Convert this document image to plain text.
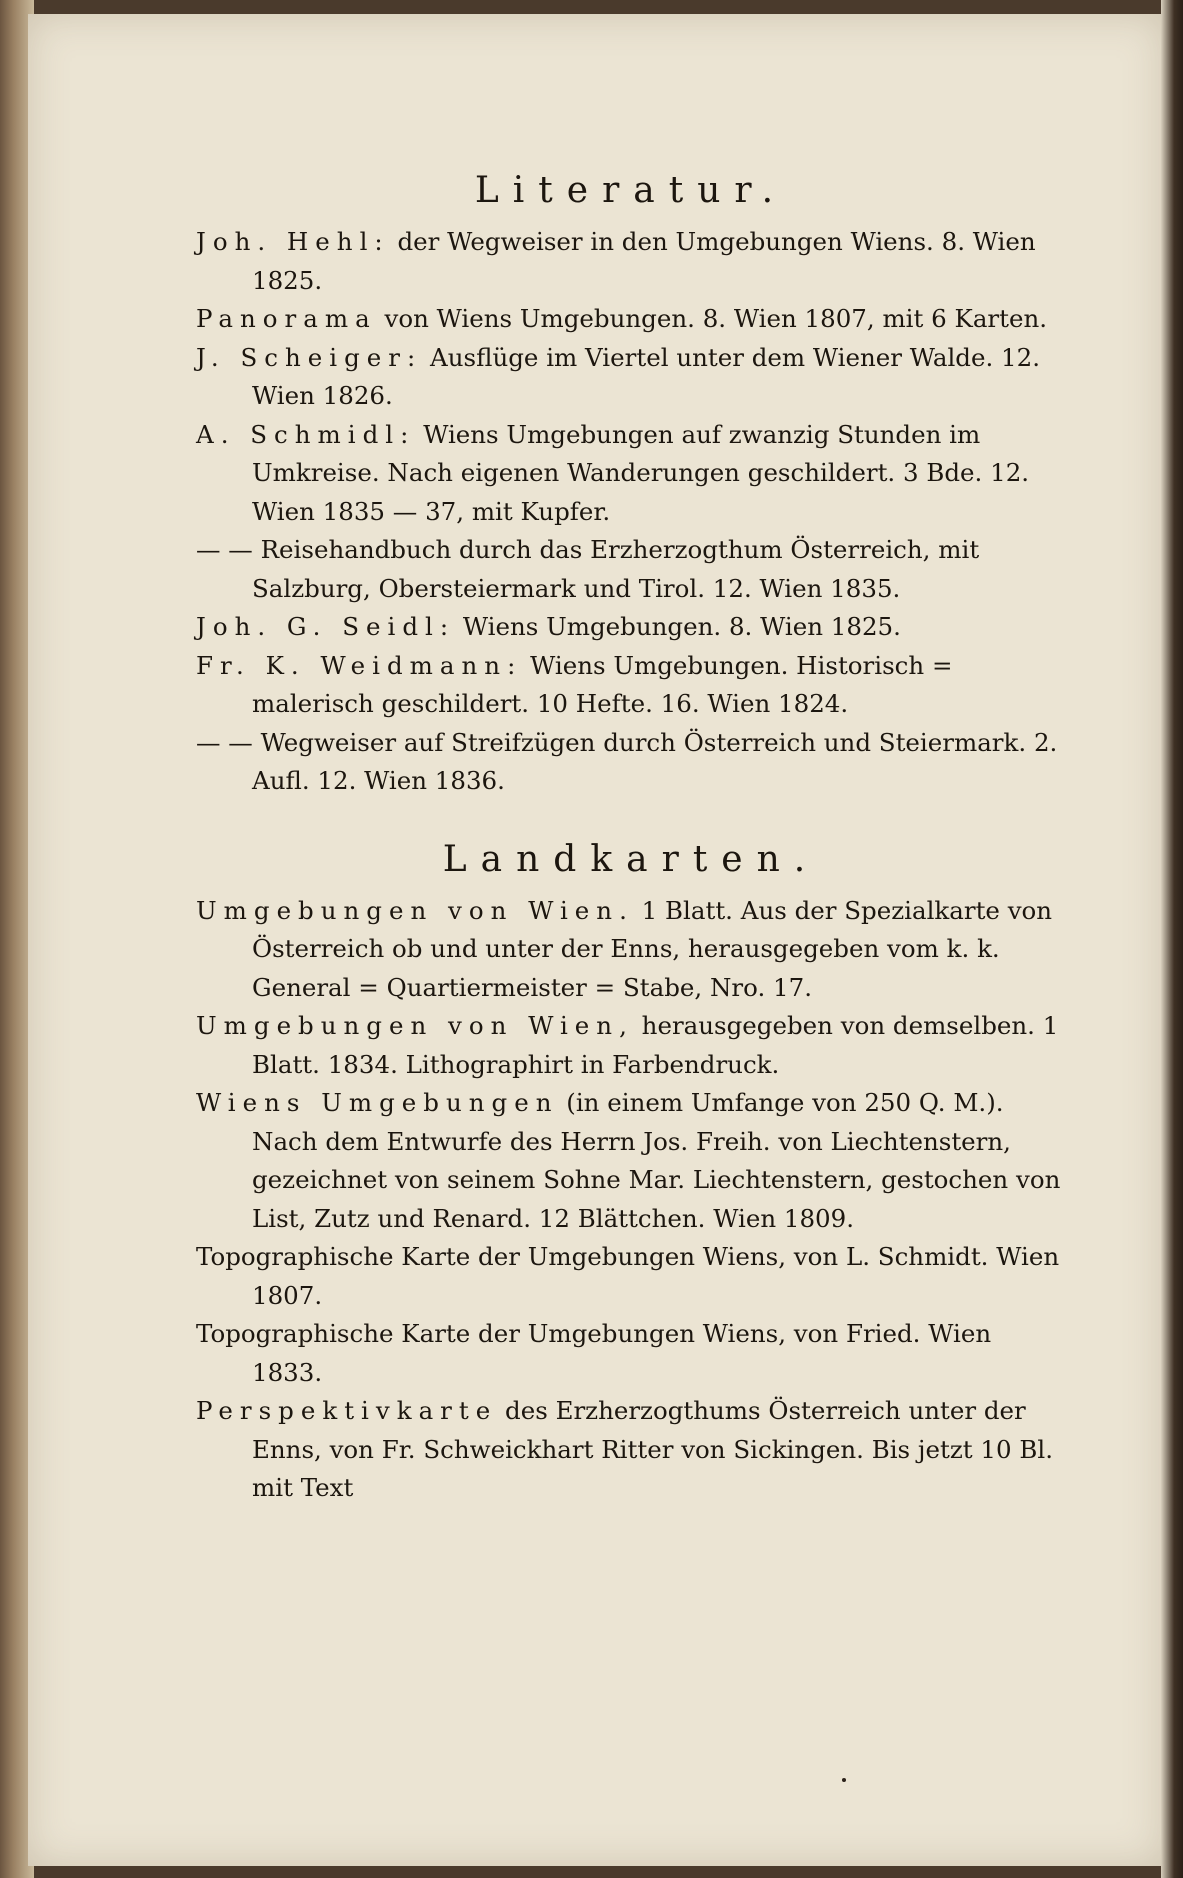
Literatur.

Joh. Hehl: der Wegweiser in den Umgebungen Wiens. 8. Wien 1825.

Panorama von Wiens Umgebungen. 8. Wien 1807, mit 6 Karten.

J. Scheiger: Ausflüge im Viertel unter dem Wiener Walde. 12. Wien 1826.

A. Schmidl: Wiens Umgebungen auf zwanzig Stunden im Umkreise. Nach eigenen Wanderungen geschildert. 3 Bde. 12. Wien 1835 — 37, mit Kupfer.

— — Reisehandbuch durch das Erzherzogthum Österreich, mit Salzburg, Obersteiermark und Tirol. 12. Wien 1835.

Joh. G. Seidl: Wiens Umgebungen. 8. Wien 1825.

Fr. K. Weidmann: Wiens Umgebungen. Historisch = malerisch geschildert. 10 Hefte. 16. Wien 1824.

— — Wegweiser auf Streifzügen durch Österreich und Steiermark. 2. Aufl. 12. Wien 1836.

Landkarten.

Umgebungen von Wien. 1 Blatt. Aus der Spezialkarte von Österreich ob und unter der Enns, herausgegeben vom k. k. General = Quartiermeister = Stabe, Nro. 17.

Umgebungen von Wien, herausgegeben von demselben. 1 Blatt. 1834. Lithographirt in Farbendruck.

Wiens Umgebungen (in einem Umfange von 250 Q. M.). Nach dem Entwurfe des Herrn Jos. Freih. von Liechtenstern, gezeichnet von seinem Sohne Mar. Liechtenstern, gestochen von List, Zutz und Renard. 12 Blättchen. Wien 1809.

Topographische Karte der Umgebungen Wiens, von L. Schmidt. Wien 1807.

Topographische Karte der Umgebungen Wiens, von Fried. Wien 1833.

Perspektivkarte des Erzherzogthums Österreich unter der Enns, von Fr. Schweickhart Ritter von Sickingen. Bis jetzt 10 Bl. mit Text
